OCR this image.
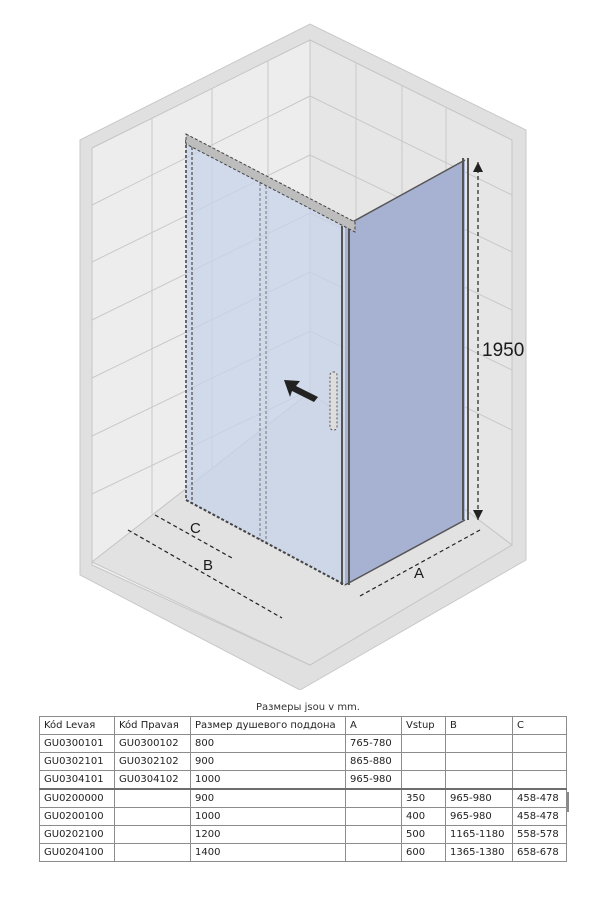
1950
A
B
C
Размеры jsou v mm.
Kód Levaя	Kód Праvая	Размер душевого поддона	A	Vstup	B	C
GU0300101	GU0300102	800	765-780			
GU0302101	GU0302102	900	865-880			
GU0304101	GU0304102	1000	965-980			
GU0200000		900		350	965-980	458-478
GU0200100		1000		400	965-980	458-478
GU0202100		1200		500	1165-1180	558-578
GU0204100		1400		600	1365-1380	658-678
